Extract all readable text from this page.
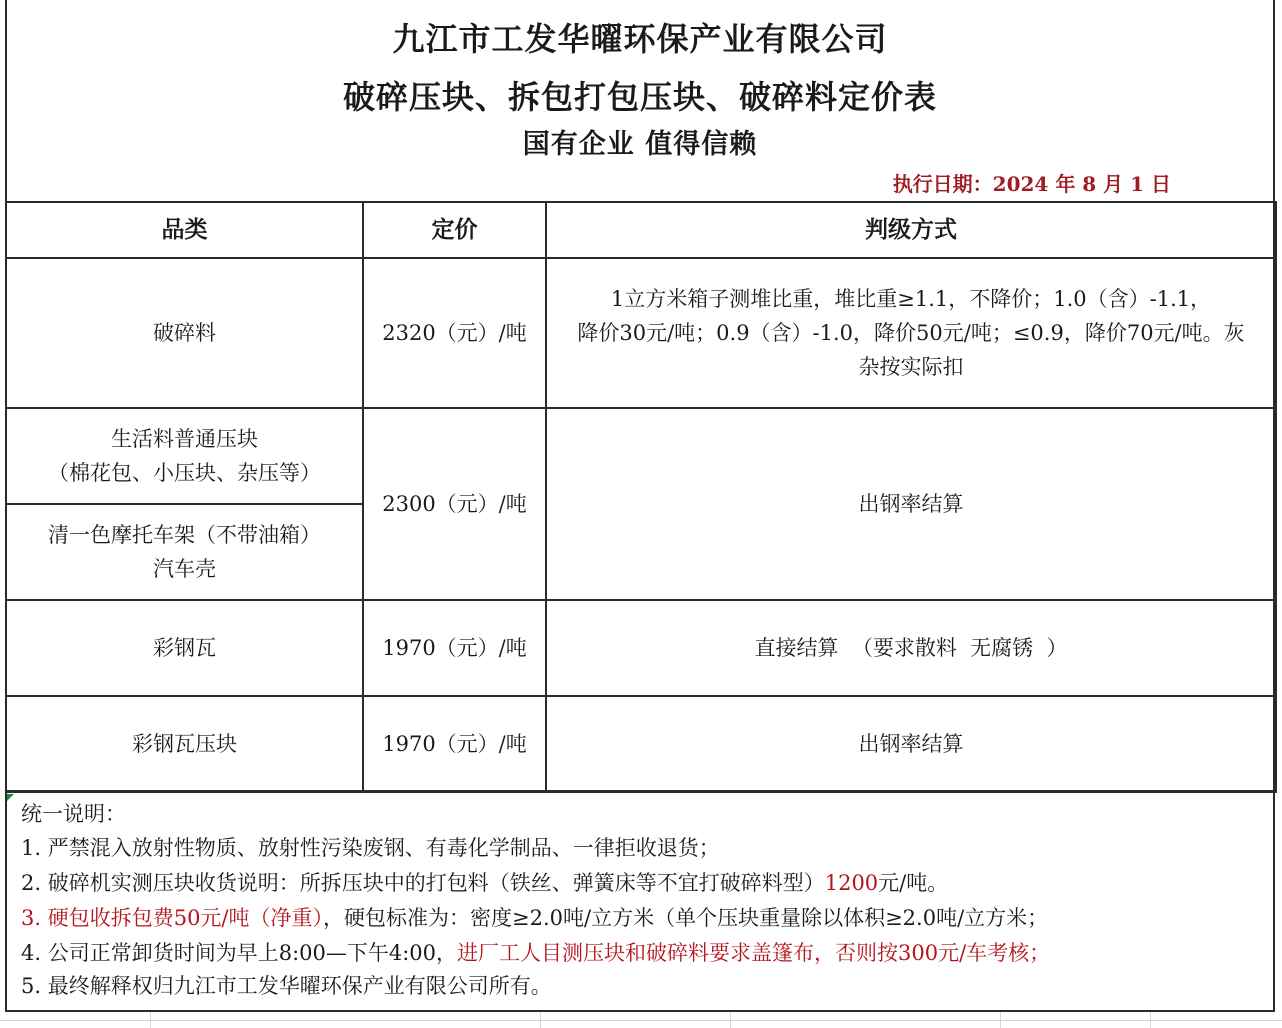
九江市工发华曜环保产业有限公司
破碎压块、拆包打包压块、破碎料定价表
国有企业 值得信赖
执行日期：2024 年 8 月 1 日
品类	定价	判级方式
破碎料	2320（元）/吨	1立方米箱子测堆比重，堆比重≥1.1，不降价；1.0（含）-1.1，
降价30元/吨；0.9（含）-1.0，降价50元/吨；≤0.9，降价70元/吨。灰
杂按实际扣

生活料普通压块
（棉花包、小压块、杂压等）	2300（元）/吨	出钢率结算

清一色摩托车架（不带油箱）
汽车壳		

彩钢瓦	1970（元）/吨	直接结算  （要求散料  无腐锈  ）
彩钢瓦压块	1970（元）/吨	出钢率结算
统一说明：
1. 严禁混入放射性物质、放射性污染废钢、有毒化学制品、一律拒收退货；
2. 破碎机实测压块收货说明：所拆压块中的打包料（铁丝、弹簧床等不宜打破碎料型）1200元/吨。
3. 硬包收拆包费50元/吨（净重），硬包标准为：密度≥2.0吨/立方米（单个压块重量除以体积≥2.0吨/立方米；
4. 公司正常卸货时间为早上8:00—下午4:00，进厂工人目测压块和破碎料要求盖篷布，否则按300元/车考核；
5. 最终解释权归九江市工发华曜环保产业有限公司所有。
